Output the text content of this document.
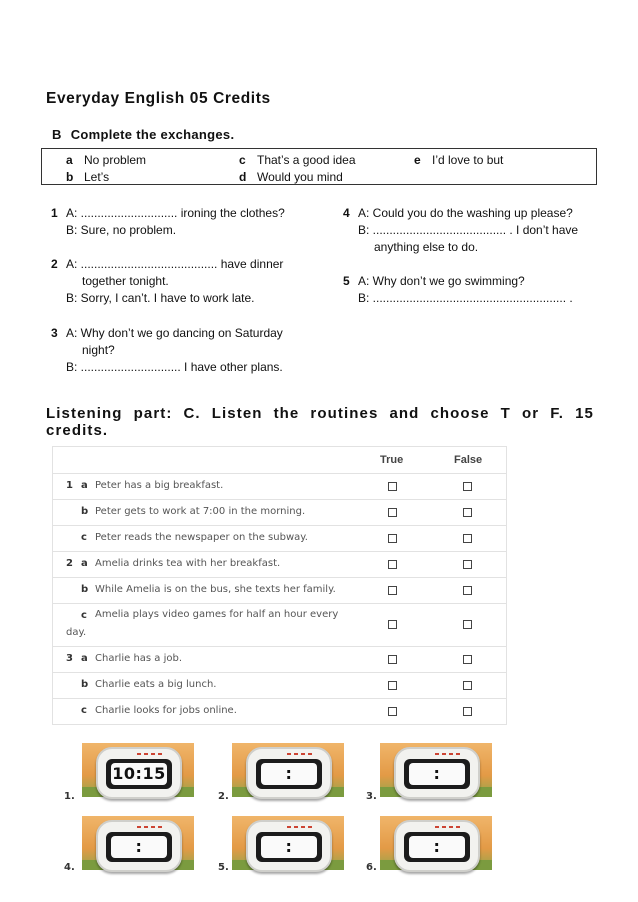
Everyday English 05 Credits
B Complete the exchanges.
a No problem
b Let’s
c That’s a good idea
d Would you mind
e I’d love to but
1 A: ............................. ironing the clothes?
B: Sure, no problem.
2 A: ......................................... have dinner
together tonight.
B: Sorry, I can’t. I have to work late.
3 A: Why don’t we go dancing on Saturday
night?
B: .............................. I have other plans.
4 A: Could you do the washing up please?
B: ........................................ . I don’t have
anything else to do.
5 A: Why don’t we go swimming?
B: .......................................................... .
Listening part: C. Listen the routines and choose T or F. 15 credits.
True	False
1 a Peter has a big breakfast.
b Peter gets to work at 7:00 in the morning.
c Peter reads the newspaper on the subway.
2 a Amelia drinks tea with her breakfast.
b While Amelia is on the bus, she texts her family.
c Amelia plays video games for half an hour every
day.
3 a Charlie has a job.
b Charlie eats a big lunch.
c Charlie looks for jobs online.
10:15
1.
:
2.
:
3.
:
4.
:
5.
:
6.
